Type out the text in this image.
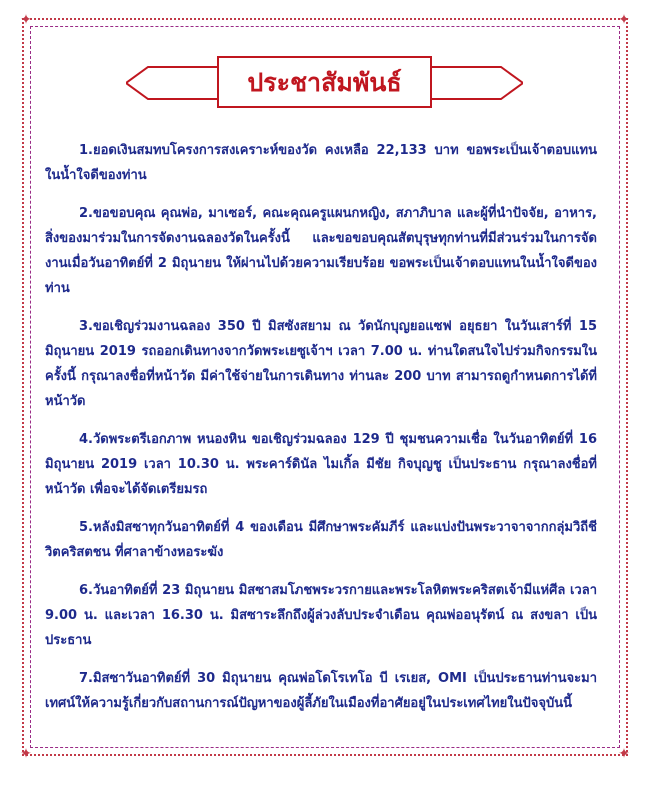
✦	✦
✦	✦
ประชาสัมพันธ์

1.ยอดเงินสมทบโครงการสงเคราะห์ของวัด คงเหลือ 22,133 บาท ขอพระเป็นเจ้าตอบแทนในน้ำใจดีของท่าน

2.ขอขอบคุณ คุณพ่อ, มาเซอร์, คณะคุณครูแผนกหญิง, สภาภิบาล และผู้ที่นำปัจจัย, อาหาร, สิ่งของมาร่วมในการจัดงานฉลองวัดในครั้งนี้ และขอขอบคุณสัตบุรุษทุกท่านที่มีส่วนร่วมในการจัดงานเมื่อวันอาทิตย์ที่ 2 มิถุนายน ให้ผ่านไปด้วยความเรียบร้อย ขอพระเป็นเจ้าตอบแทนในน้ำใจดีของท่าน

3.ขอเชิญร่วมงานฉลอง 350 ปี มิสซังสยาม ณ วัดนักบุญยอแซฟ อยุธยา ในวันเสาร์ที่ 15 มิถุนายน 2019 รถออกเดินทางจากวัดพระเยซูเจ้าฯ เวลา 7.00 น. ท่านใดสนใจไปร่วมกิจกรรมในครั้งนี้ กรุณาลงชื่อที่หน้าวัด มีค่าใช้จ่ายในการเดินทาง ท่านละ 200 บาท สามารถดูกำหนดการได้ที่หน้าวัด

4.วัดพระตรีเอกภาพ หนองหิน ขอเชิญร่วมฉลอง 129 ปี ชุมชนความเชื่อ ในวันอาทิตย์ที่ 16 มิถุนายน 2019 เวลา 10.30 น. พระคาร์ดินัล ไมเกิ้ล มีชัย กิจบุญชู เป็นประธาน กรุณาลงชื่อที่หน้าวัด เพื่อจะได้จัดเตรียมรถ

5.หลังมิสซาทุกวันอาทิตย์ที่ 4 ของเดือน มีศึกษาพระคัมภีร์ และแบ่งปันพระวาจาจากกลุ่มวิถีชีวิตคริสตชน ที่ศาลาข้างหอระฆัง

6.วันอาทิตย์ที่ 23 มิถุนายน มิสซาสมโภชพระวรกายและพระโลหิตพระคริสตเจ้ามีแห่ศีล เวลา 9.00 น. และเวลา 16.30 น. มิสซาระลึกถึงผู้ล่วงลับประจำเดือน คุณพ่ออนุรัตน์ ณ สงขลา เป็นประธาน

7.มิสซาวันอาทิตย์ที่ 30 มิถุนายน คุณพ่อโดโรเทโอ บี เรเยส, OMI เป็นประธานท่านจะมาเทศน์ให้ความรู้เกี่ยวกับสถานการณ์ปัญหาของผู้ลี้ภัยในเมืองที่อาศัยอยู่ในประเทศไทยในปัจจุบันนี้
